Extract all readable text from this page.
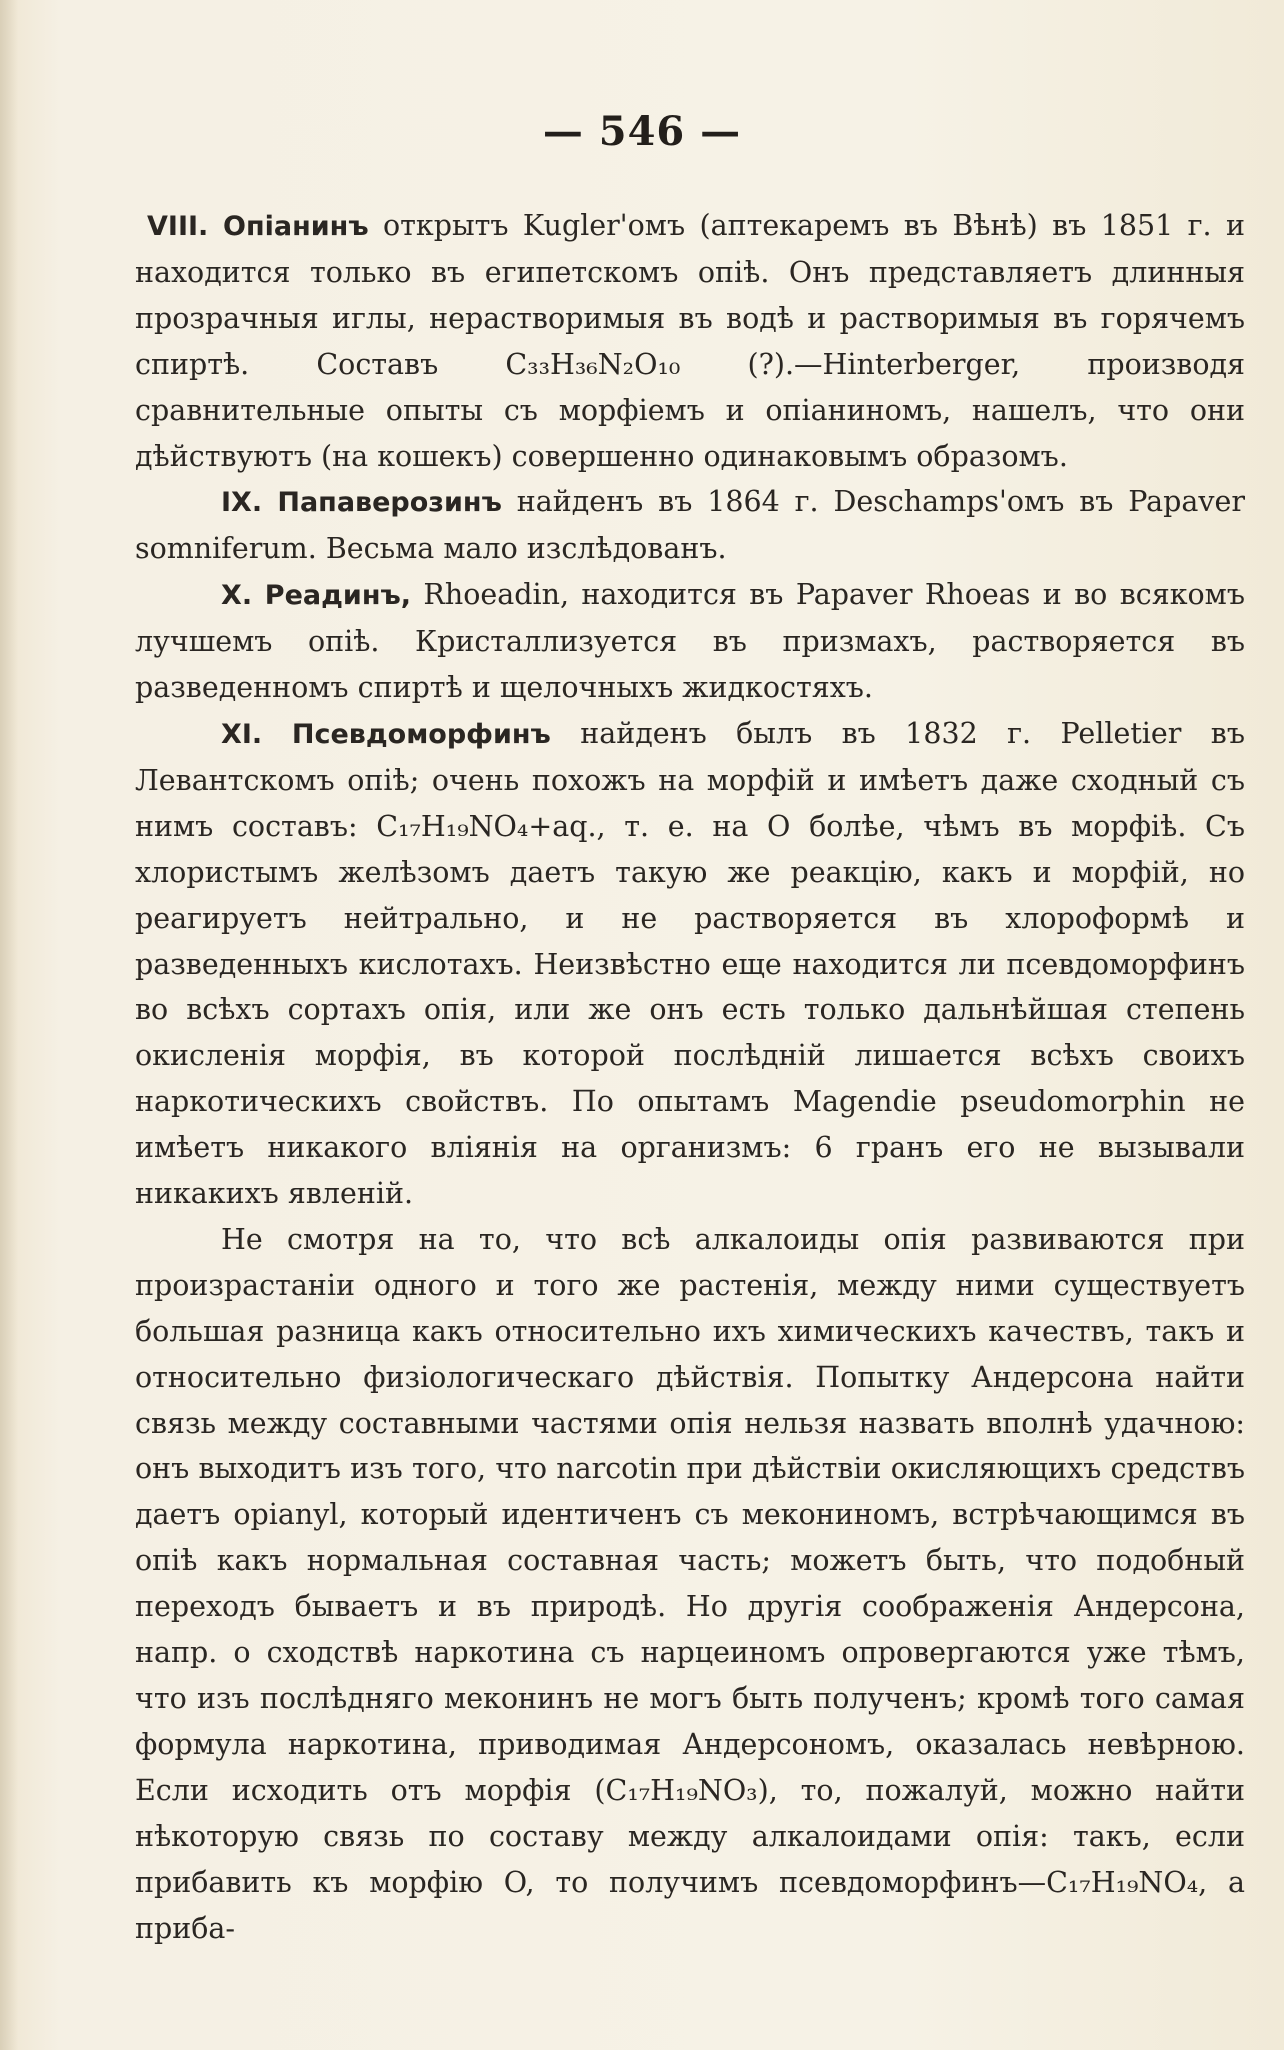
— 546 —

VIII. Опіанинъ открытъ Kugler'омъ (аптекаремъ въ Вѣнѣ) въ 1851 г. и находится только въ египетскомъ опіѣ. Онъ представляетъ длинныя прозрачныя иглы, нерастворимыя въ водѣ и растворимыя въ горячемъ спиртѣ. Составъ C₃₃H₃₆N₂O₁₀ (?).—Hinterberger, производя сравнительные опыты съ морфіемъ и опіаниномъ, нашелъ, что они дѣйствуютъ (на кошекъ) совершенно одинаковымъ образомъ.

IX. Папаверозинъ найденъ въ 1864 г. Deschamps'омъ въ Papaver somniferum. Весьма мало изслѣдованъ.

X. Реадинъ, Rhoeadin, находится въ Papaver Rhoeas и во всякомъ лучшемъ опіѣ. Кристаллизуется въ призмахъ, растворяется въ разведенномъ спиртѣ и щелочныхъ жидкостяхъ.

XI. Псевдоморфинъ найденъ былъ въ 1832 г. Pelletier въ Левантскомъ опіѣ; очень похожъ на морфій и имѣетъ даже сходный съ нимъ составъ: C₁₇H₁₉NO₄+aq., т. е. на O болѣе, чѣмъ въ морфіѣ. Съ хлористымъ желѣзомъ даетъ такую же реакцію, какъ и морфій, но реагируетъ нейтрально, и не растворяется въ хлороформѣ и разведенныхъ кислотахъ. Неизвѣстно еще находится ли псевдоморфинъ во всѣхъ сортахъ опія, или же онъ есть только дальнѣйшая степень окисленія морфія, въ которой послѣдній лишается всѣхъ своихъ наркотическихъ свойствъ. По опытамъ Magendie pseudomorphin не имѣетъ никакого вліянія на организмъ: 6 гранъ его не вызывали никакихъ явленій.

Не смотря на то, что всѣ алкалоиды опія развиваются при произрастаніи одного и того же растенія, между ними существуетъ большая разница какъ относительно ихъ химическихъ качествъ, такъ и относительно физіологическаго дѣйствія. Попытку Андерсона найти связь между составными частями опія нельзя назвать вполнѣ удачною: онъ выходитъ изъ того, что narcotin при дѣйствіи окисляющихъ средствъ даетъ opianyl, который идентиченъ съ мекониномъ, встрѣчающимся въ опіѣ какъ нормальная составная часть; можетъ быть, что подобный переходъ бываетъ и въ природѣ. Но другія соображенія Андерсона, напр. о сходствѣ наркотина съ нарцеиномъ опровергаются уже тѣмъ, что изъ послѣдняго меконинъ не могъ быть полученъ; кромѣ того самая формула наркотина, приводимая Андерсономъ, оказалась невѣрною. Если исходить отъ морфія (C₁₇H₁₉NO₃), то, пожалуй, можно найти нѣкоторую связь по составу между алкалоидами опія: такъ, если прибавить къ морфію O, то получимъ псевдоморфинъ—C₁₇H₁₉NO₄, а приба-
